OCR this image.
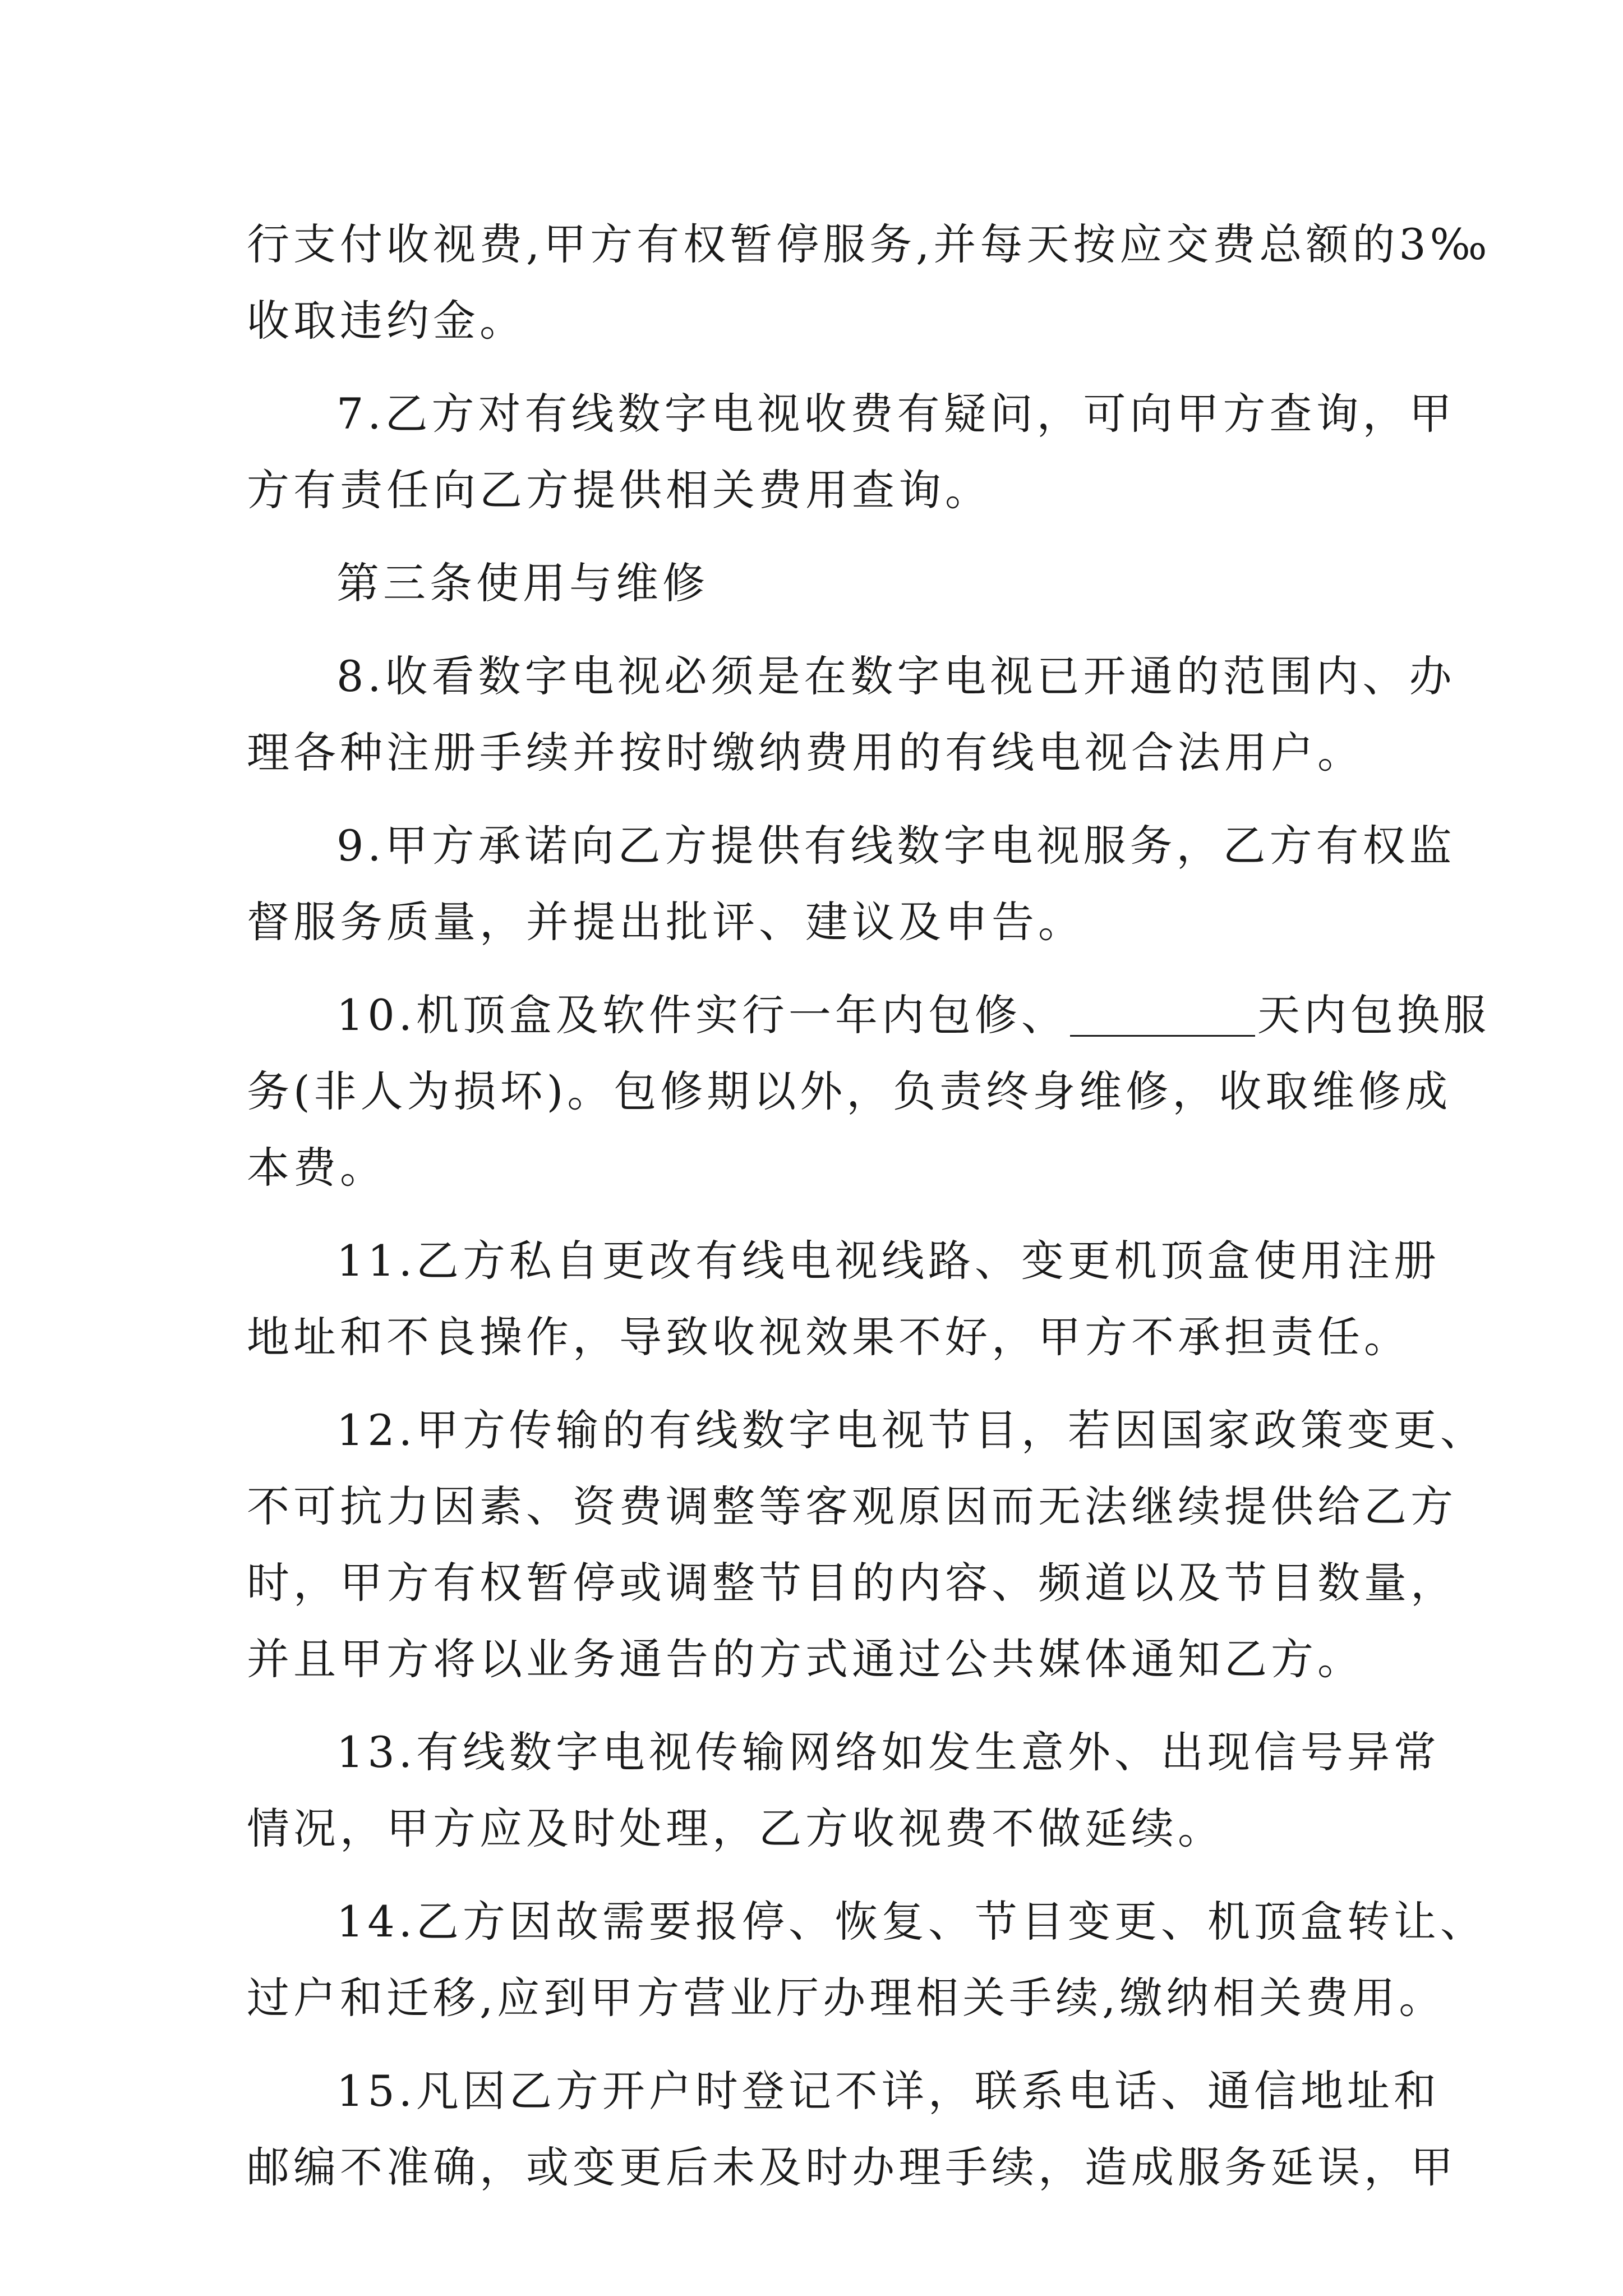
行支付收视费,甲方有权暂停服务,并每天按应交费总额的3‰
收取违约金。
7.乙方对有线数字电视收费有疑问，可向甲方查询，甲
方有责任向乙方提供相关费用查询。
第三条使用与维修
8.收看数字电视必须是在数字电视已开通的范围内、办
理各种注册手续并按时缴纳费用的有线电视合法用户。
9.甲方承诺向乙方提供有线数字电视服务，乙方有权监
督服务质量，并提出批评、建议及申告。
10.机顶盒及软件实行一年内包修、	天内包换服
务(非人为损坏)。包修期以外，负责终身维修，收取维修成
本费。
11.乙方私自更改有线电视线路、变更机顶盒使用注册
地址和不良操作，导致收视效果不好，甲方不承担责任。
12.甲方传输的有线数字电视节目，若因国家政策变更、
不可抗力因素、资费调整等客观原因而无法继续提供给乙方
时，甲方有权暂停或调整节目的内容、频道以及节目数量，
并且甲方将以业务通告的方式通过公共媒体通知乙方。
13.有线数字电视传输网络如发生意外、出现信号异常
情况，甲方应及时处理，乙方收视费不做延续。
14.乙方因故需要报停、恢复、节目变更、机顶盒转让、
过户和迁移,应到甲方营业厅办理相关手续,缴纳相关费用。
15.凡因乙方开户时登记不详，联系电话、通信地址和
邮编不准确，或变更后未及时办理手续，造成服务延误，甲
